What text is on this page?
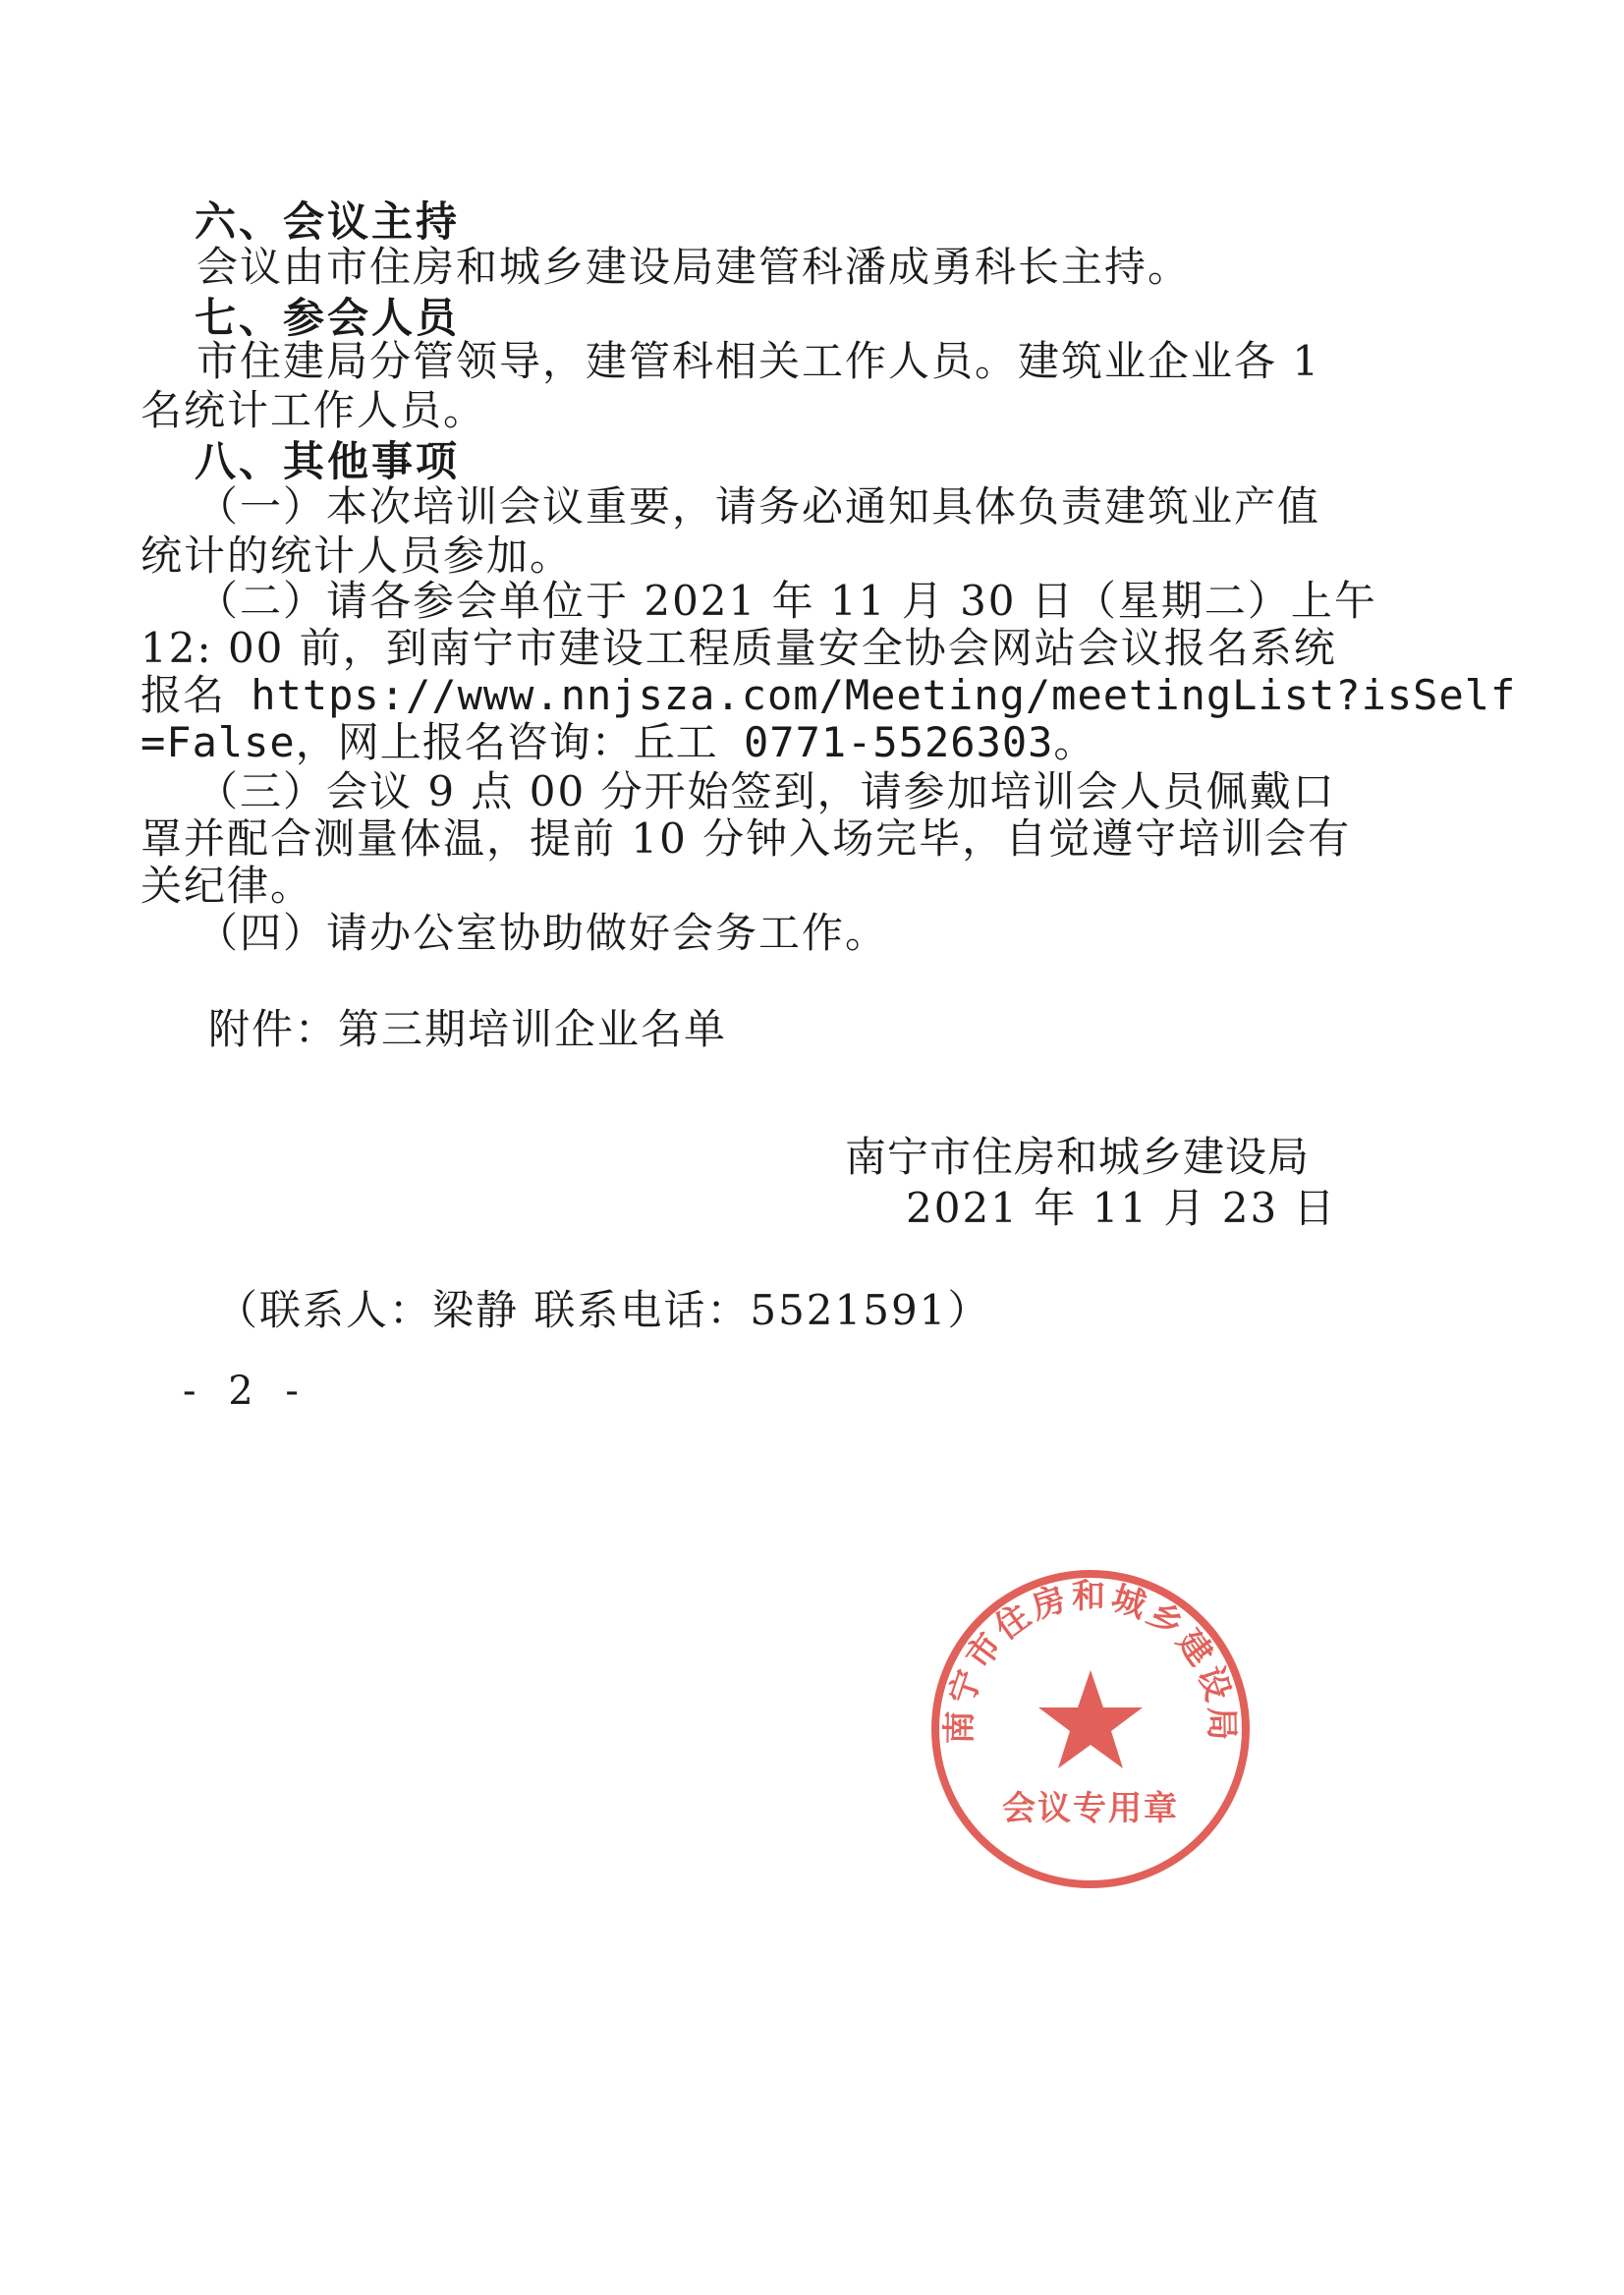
六、会议主持
会议由市住房和城乡建设局建管科潘成勇科长主持。
七、参会人员
市住建局分管领导，建管科相关工作人员。建筑业企业各 1
名统计工作人员。
八、其他事项
（一）本次培训会议重要，请务必通知具体负责建筑业产值
统计的统计人员参加。
（二）请各参会单位于 2021 年 11 月 30 日（星期二）上午
12: 00 前，到南宁市建设工程质量安全协会网站会议报名系统
报名 https://www.nnjsza.com/Meeting/meetingList?isSelf
=False，网上报名咨询：丘工 0771-5526303。
（三）会议 9 点 00 分开始签到，请参加培训会人员佩戴口
罩并配合测量体温，提前 10 分钟入场完毕，自觉遵守培训会有
关纪律。
（四）请办公室协助做好会务工作。
附件：第三期培训企业名单
南宁市住房和城乡建设局
会议专用章
南宁市住房和城乡建设局
2021 年 11 月 23 日
（联系人：梁静 联系电话：5521591）
- 2 -
